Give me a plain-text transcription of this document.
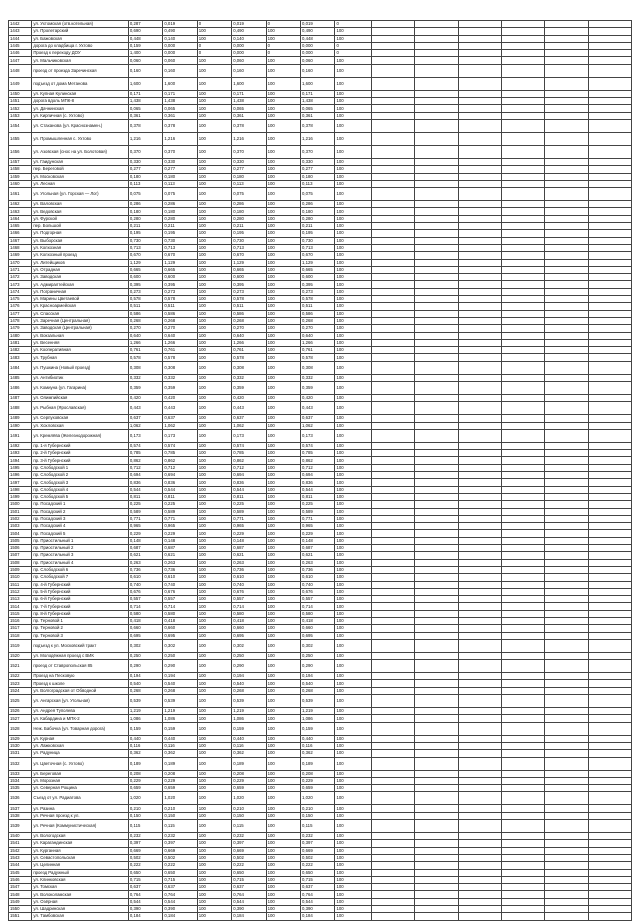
1442	ул. Ухтомская (отв.котельная)	0,287	0,019	0	0,019	0	0,019	0						
1443	ул. Пролетарский	0,690	0,490	100	0,490	100	0,490	100						
1444	ул. Бажовская	0,448	0,140	100	0,140	100	0,448	100						
1445	дорога до кладбища г. Ухтово	0,159	0,000	0	0,000	0	0,000	0						
1446	Проезд к переходу ДОУ	1,400	0,000	0	0,000	0	0,000	0						
1447	ул. Мальчиковская	0,060	0,060	100	0,060	100	0,060	100						
1448	проезд от проезда Заречинская	0,160	0,160	100	0,160	100	0,160	100						
1449	подъезд от дома Метанова	1,600	1,600	100	1,600	100	1,600	100						
1450	ул. Купная Кулинская	0,171	0,171	100	0,171	100	0,171	100						
1451	дорога вдоль МПК-8	1,438	1,438	100	1,438	100	1,438	100						
1452	ул. Дачнинская	0,065	0,065	100	0,065	100	0,065	100						
1453	ул. Кирпичная (с. Ухтово)	0,361	0,361	100	0,361	100	0,361	100						
1454	ул. Стаханова (ул. Краснознамен.)	0,378	0,378	100	0,378	100	0,378	100						
1455	ул. Промышленная с. Ухтово	1,216	1,216	100	1,216	100	1,216	100						
1456	ул. Азовская (снос на ул. Болотовая)	0,370	0,370	100	0,370	100	0,370	100						
1457	ул. Гаидунская	0,330	0,330	100	0,330	100	0,330	100						
1458	пер. Береговой	0,277	0,277	100	0,277	100	0,277	100						
1459	ул. Московская	0,180	0,180	100	0,180	100	0,180	100						
1460	ул. Лесная	0,113	0,113	100	0,113	100	0,113	100						
1461	ул. Угольная (ул. Горская — Лог)	0,075	0,075	100	0,075	100	0,075	100						
1462	ул. Валовская	0,286	0,286	100	0,286	100	0,286	100						
1463	ул. Ведовская	0,180	0,180	100	0,180	100	0,180	100						
1464	ул. Фурской	0,280	0,280	100	0,280	100	0,280	100						
1465	пер. Большой	0,211	0,211	100	0,211	100	0,211	100						
1466	ул. Подгорная	0,195	0,195	100	0,195	100	0,195	100						
1467	ул. Выборская	0,730	0,730	100	0,730	100	0,730	100						
1468	ул. Колхозная	0,713	0,713	100	0,713	100	0,713	100						
1469	ул. Колхозный проезд	0,670	0,670	100	0,670	100	0,670	100						
1470	ул. Литейщиков	1,129	1,129	100	1,129	100	1,129	100						
1471	ул. Отрадная	0,665	0,665	100	0,665	100	0,665	100						
1472	ул. Заводская	0,600	0,600	100	0,600	100	0,600	100						
1473	ул. Адмиралтейская	0,395	0,395	100	0,395	100	0,395	100						
1474	ул. Пограничная	0,273	0,273	100	0,273	100	0,273	100						
1475	ул. Марины Цветаевой	0,578	0,578	100	0,578	100	0,578	100						
1476	ул. Красноармейская	0,511	0,511	100	0,511	100	0,511	100						
1477	ул. Спасская	0,586	0,586	100	0,586	100	0,586	100						
1478	ул. Заречная (Центральная)	0,268	0,268	100	0,268	100	0,268	100						
1479	ул. Заводская (Центральная)	0,270	0,270	100	0,270	100	0,270	100						
1480	ул. Вокзальная	0,640	0,640	100	0,640	100	0,640	100						
1481	ул. Весенняя	1,266	1,266	100	1,266	100	1,266	100						
1482	ул. Кооперативная	0,761	0,761	100	0,761	100	0,761	100						
1483	ул. Трубная	0,578	0,578	100	0,578	100	0,578	100						
1484	ул. Пушкина (Новый проезд)	0,308	0,308	100	0,308	100	0,308	100						
1485	ул. Антибиотик	0,332	0,332	100	0,332	100	0,332	100						
1486	ул. Комиуна (ул. Гагарина)	0,359	0,359	100	0,359	100	0,359	100						
1487	ул. Олимпийская	0,420	0,420	100	0,420	100	0,420	100						
1488	ул. Рыбная (Ярославская)	0,443	0,443	100	0,443	100	0,443	100						
1489	ул. Серпуховская	0,637	0,637	100	0,637	100	0,637	100						
1490	ул. Хохловская	1,062	1,062	100	1,062	100	1,062	100						
1491	ул. Кремлёва (Железнодорожная)	0,173	0,173	100	0,173	100	0,173	100						
1492	пр. 1-я Губернский	0,574	0,574	100	0,574	100	0,574	100						
1493	пр. 2-й Губернский	0,785	0,785	100	0,785	100	0,785	100						
1494	пр. 3-й Губернский	0,862	0,862	100	0,862	100	0,862	100						
1495	пр. Слободской 1	0,712	0,712	100	0,712	100	0,712	100						
1496	пр. Слободской 2	0,694	0,694	100	0,694	100	0,694	100						
1497	пр. Слободской 3	0,836	0,836	100	0,836	100	0,836	100						
1498	пр. Слободской 4	0,544	0,544	100	0,544	100	0,544	100						
1499	пр. Слободской 5	0,811	0,811	100	0,811	100	0,811	100						
1500	пр. Посадский 1	0,225	0,225	100	0,225	100	0,225	100						
1501	пр. Посадский 2	0,589	0,589	100	0,589	100	0,589	100						
1502	пр. Посадский 3	0,771	0,771	100	0,771	100	0,771	100						
1503	пр. Посадский 4	0,965	0,965	100	0,965	100	0,965	100						
1504	пр. Посадский 5	0,229	0,229	100	0,229	100	0,229	100						
1505	пр. Приостильный 1	0,148	0,148	100	0,148	100	0,148	100						
1506	пр. Приостильный 2	0,687	0,687	100	0,687	100	0,687	100						
1507	пр. Приостильный 3	0,621	0,621	100	0,621	100	0,621	100						
1508	пр. Приостильный 4	0,263	0,263	100	0,263	100	0,263	100						
1509	пр. Слободской 6	0,736	0,736	100	0,736	100	0,736	100						
1510	пр. Слободской 7	0,610	0,610	100	0,610	100	0,610	100						
1511	пр. 4-й Губернский	0,740	0,740	100	0,740	100	0,740	100						
1512	пр. 5-й Губернский	0,676	0,676	100	0,676	100	0,676	100						
1513	пр. 6-й Губернский	0,557	0,557	100	0,557	100	0,557	100						
1514	пр. 7-й Губернский	0,714	0,714	100	0,714	100	0,714	100						
1515	пр. 8-й Губернский	0,580	0,580	100	0,580	100	0,580	100						
1516	пр. Терновой 1	0,418	0,418	100	0,418	100	0,418	100						
1517	пр. Терновой 2	0,660	0,660	100	0,660	100	0,660	100						
1518	пр. Терновой 3	0,695	0,695	100	0,695	100	0,695	100						
1519	подъезд к ул. Московский тракт	0,302	0,302	100	0,302	100	0,302	100						
1520	ул. Молодёжная проезд с ВИК	0,250	0,250	100	0,250	100	0,250	100						
1521	проезд от Ставропольская 85	0,290	0,290	100	0,290	100	0,290	100						
1522	Проезд на Песковую	0,194	0,194	100	0,194	100	0,194	100						
1523	Проезд к школе	0,540	0,540	100	0,540	100	0,540	100						
1524	ул. Волгоградская от Обводной	0,268	0,268	100	0,268	100	0,268	100						
1525	ул. Ангарская (ул. Угольная)	0,539	0,539	100	0,539	100	0,539	100						
1526	ул. Андрея Туполева	1,219	1,219	100	1,219	100	1,219	100						
1527	ул. Кабардина и МПК-2	1,086	1,086	100	1,086	100	1,086	100						
1528	Неж. Бабочка (ул. Товарная дорога)	0,159	0,159	100	0,159	100	0,159	100						
1529	ул. Курная	0,440	0,440	100	0,440	100	0,440	100						
1530	ул. Лажковская	0,116	0,116	100	0,116	100	0,116	100						
1531	ул. Радуница	0,362	0,362	100	0,362	100	0,362	100						
1532	ул. Цветочная (с. Ухтово)	0,189	0,189	100	0,189	100	0,189	100						
1533	ул. Береговая	0,208	0,208	100	0,208	100	0,208	100						
1534	ул. Морозная	0,229	0,229	100	0,229	100	0,229	100						
1535	ул. Северная Рощина	0,659	0,659	100	0,659	100	0,659	100						
1536	Съезд от ул. Радиатова	1,020	1,020	100	1,020	100	1,020	100						
1537	ул. Разина	0,210	0,210	100	0,210	100	0,210	100						
1538	ул. Речная проезд к ул.	0,150	0,150	100	0,150	100	0,150	100						
1539	ул. Речная (Коммунистическая)	0,115	0,115	100	0,115	100	0,115	100						
1540	ул. Вологодская	0,232	0,232	100	0,232	100	0,232	100						
1541	ул. Карагандинская	0,397	0,397	100	0,397	100	0,397	100						
1542	ул. Курганная	0,669	0,669	100	0,669	100	0,669	100						
1543	ул. Севастопольская	0,502	0,502	100	0,502	100	0,502	100						
1544	ул. Целинная	0,222	0,222	100	0,222	100	0,222	100						
1545	проезд Радужный	0,650	0,650	100	0,650	100	0,650	100						
1546	ул. Клинковская	0,715	0,715	100	0,715	100	0,715	100						
1547	ул. Томская	0,637	0,637	100	0,637	100	0,637	100						
1548	ул. Волоколамская	0,764	0,764	100	0,764	100	0,764	100						
1549	ул. Озёрная	0,544	0,544	100	0,544	100	0,544	100						
1550	ул. Шадринская	0,390	0,390	100	0,390	100	0,390	100						
1551	ул. Тамбовская	0,184	0,184	100	0,184	100	0,184	100						
